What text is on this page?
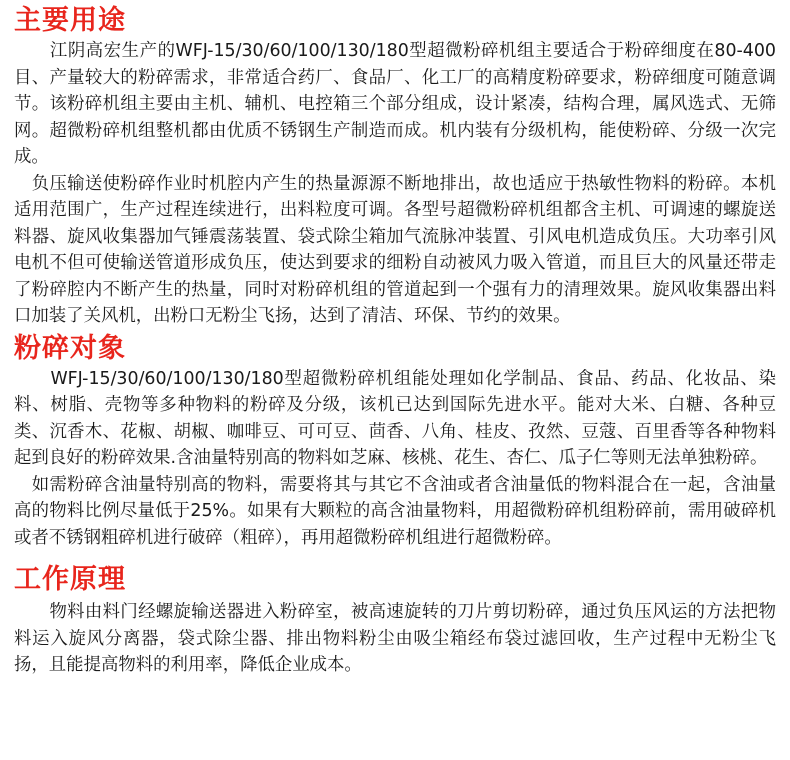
主要用途

　　江阴高宏生产的WFJ-15/30/60/100/130/180型超微粉碎机组主要适合于粉碎细度在80-400目、产量较大的粉碎需求，非常适合药厂、食品厂、化工厂的高精度粉碎要求，粉碎细度可随意调节。该粉碎机组主要由主机、辅机、电控箱三个部分组成，设计紧凑，结构合理，属风选式、无筛网。超微粉碎机组整机都由优质不锈钢生产制造而成。机内装有分级机构，能使粉碎、分级一次完成。

　负压输送使粉碎作业时机腔内产生的热量源源不断地排出，故也适应于热敏性物料的粉碎。本机适用范围广，生产过程连续进行，出料粒度可调。各型号超微粉碎机组都含主机、可调速的螺旋送料器、旋风收集器加气锤震荡装置、袋式除尘箱加气流脉冲装置、引风电机造成负压。大功率引风电机不但可使输送管道形成负压，使达到要求的细粉自动被风力吸入管道，而且巨大的风量还带走了粉碎腔内不断产生的热量，同时对粉碎机组的管道起到一个强有力的清理效果。旋风收集器出料口加装了关风机，出粉口无粉尘飞扬，达到了清洁、环保、节约的效果。

粉碎对象

　　WFJ-15/30/60/100/130/180型超微粉碎机组能处理如化学制品、食品、药品、化妆品、染料、树脂、壳物等多种物料的粉碎及分级，该机已达到国际先进水平。能对大米、白糖、各种豆类、沉香木、花椒、胡椒、咖啡豆、可可豆、茴香、八角、桂皮、孜然、豆蔻、百里香等各种物料起到良好的粉碎效果.含油量特别高的物料如芝麻、核桃、花生、杏仁、瓜子仁等则无法单独粉碎。

　如需粉碎含油量特别高的物料，需要将其与其它不含油或者含油量低的物料混合在一起，含油量高的物料比例尽量低于25%。如果有大颗粒的高含油量物料，用超微粉碎机组粉碎前，需用破碎机或者不锈钢粗碎机进行破碎（粗碎），再用超微粉碎机组进行超微粉碎。

工作原理

　　物料由料门经螺旋输送器进入粉碎室，被高速旋转的刀片剪切粉碎，通过负压风运的方法把物料运入旋风分离器，袋式除尘器、排出物料粉尘由吸尘箱经布袋过滤回收，生产过程中无粉尘飞扬，且能提高物料的利用率，降低企业成本。
